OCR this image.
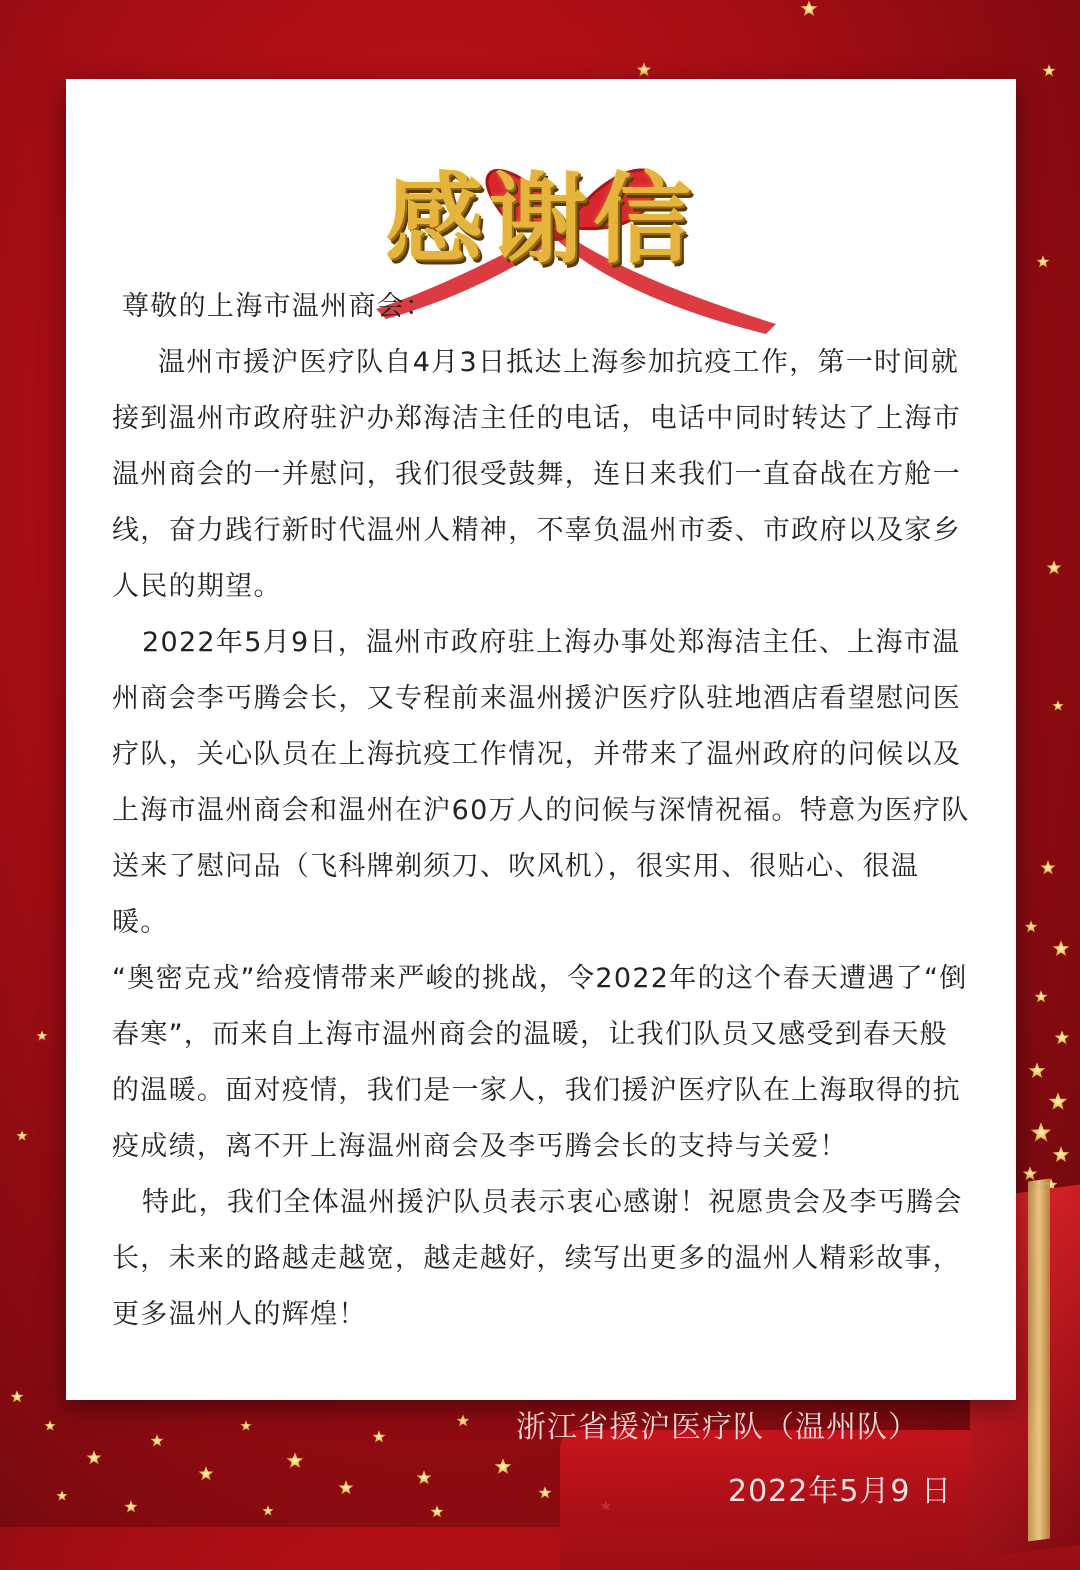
感谢信

尊敬的上海市温州商会：

温州市援沪医疗队自4月3日抵达上海参加抗疫工作，第一时间就接到温州市政府驻沪办郑海洁主任的电话，电话中同时转达了上海市温州商会的一并慰问，我们很受鼓舞，连日来我们一直奋战在方舱一线，奋力践行新时代温州人精神，不辜负温州市委、市政府以及家乡人民的期望。

2022年5月9日，温州市政府驻上海办事处郑海洁主任、上海市温州商会李丐腾会长，又专程前来温州援沪医疗队驻地酒店看望慰问医疗队，关心队员在上海抗疫工作情况，并带来了温州政府的问候以及上海市温州商会和温州在沪60万人的问候与深情祝福。特意为医疗队送来了慰问品（飞科牌剃须刀、吹风机），很实用、很贴心、很温暖。

“奥密克戎”给疫情带来严峻的挑战，令2022年的这个春天遭遇了“倒春寒”，而来自上海市温州商会的温暖，让我们队员又感受到春天般的温暖。面对疫情，我们是一家人，我们援沪医疗队在上海取得的抗疫成绩，离不开上海温州商会及李丐腾会长的支持与关爱！

特此，我们全体温州援沪队员表示衷心感谢！祝愿贵会及李丐腾会长，未来的路越走越宽，越走越好，续写出更多的温州人精彩故事，更多温州人的辉煌！

浙江省援沪医疗队（温州队）
2022年5月9 日
